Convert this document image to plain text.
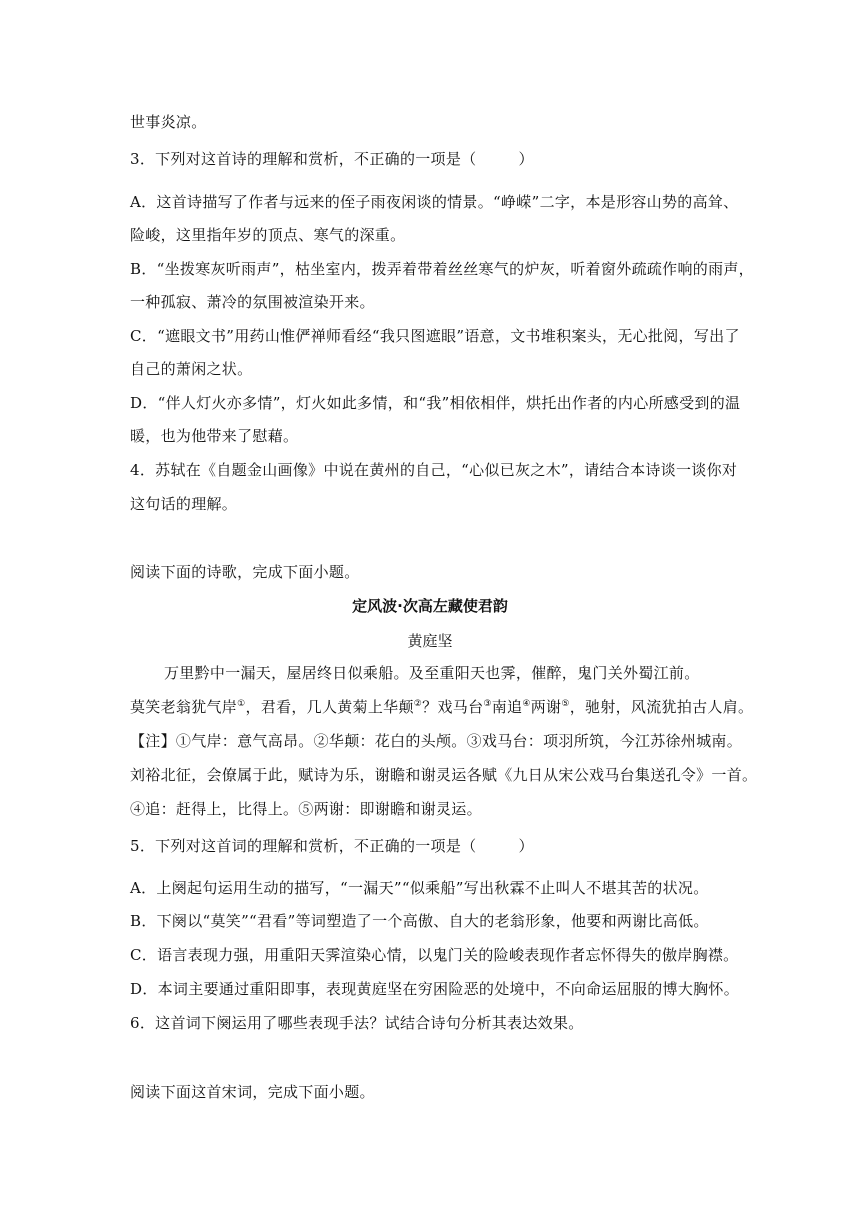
世事炎凉。
3．下列对这首诗的理解和赏析，不正确的一项是（	）
A．这首诗描写了作者与远来的侄子雨夜闲谈的情景。“峥嵘”二字，本是形容山势的高耸、
险峻，这里指年岁的顶点、寒气的深重。
B．“坐拨寒灰听雨声”，枯坐室内，拨弄着带着丝丝寒气的炉灰，听着窗外疏疏作响的雨声，
一种孤寂、萧冷的氛围被渲染开来。
C．“遮眼文书”用药山惟俨禅师看经“我只图遮眼”语意，文书堆积案头，无心批阅，写出了
自己的萧闲之状。
D．“伴人灯火亦多情”，灯火如此多情，和“我”相依相伴，烘托出作者的内心所感受到的温
暖，也为他带来了慰藉。
4．苏轼在《自题金山画像》中说在黄州的自己，“心似已灰之木”，请结合本诗谈一谈你对
这句话的理解。
阅读下面的诗歌，完成下面小题。
定风波·次高左藏使君韵
黄庭坚
万里黔中一漏天，屋居终日似乘船。及至重阳天也霁，催醉，鬼门关外蜀江前。
莫笑老翁犹气岸①，君看，几人黄菊上华颠②？戏马台③南追④两谢⑤，驰射，风流犹拍古人肩。
【注】①气岸：意气高昂。②华颠：花白的头颅。③戏马台：项羽所筑，今江苏徐州城南。
刘裕北征，会僚属于此，赋诗为乐，谢瞻和谢灵运各赋《九日从宋公戏马台集送孔令》一首。
④追：赶得上，比得上。⑤两谢：即谢瞻和谢灵运。
5．下列对这首词的理解和赏析，不正确的一项是（	）
A．上阕起句运用生动的描写，“一漏天”“似乘船”写出秋霖不止叫人不堪其苦的状况。
B．下阕以“莫笑”“君看”等词塑造了一个高傲、自大的老翁形象，他要和两谢比高低。
C．语言表现力强，用重阳天霁渲染心情，以鬼门关的险峻表现作者忘怀得失的傲岸胸襟。
D．本词主要通过重阳即事，表现黄庭坚在穷困险恶的处境中，不向命运屈服的博大胸怀。
6．这首词下阕运用了哪些表现手法？试结合诗句分析其表达效果。
阅读下面这首宋词，完成下面小题。
